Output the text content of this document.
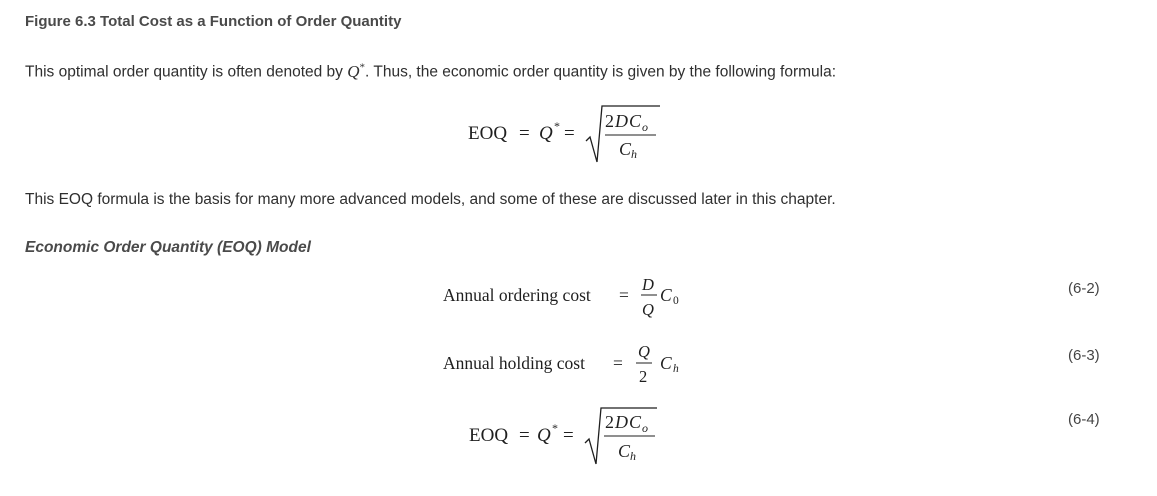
Figure 6.3 Total Cost as a Function of Order Quantity
This optimal order quantity is often denoted by Q*. Thus, the economic order quantity is given by the following formula:
EOQ = Q * =
2 D C o
C h
This EOQ formula is the basis for many more advanced models, and some of these are discussed later in this chapter.
Economic Order Quantity (EOQ) Model
Annual ordering cost =
D
Q
C 0
(6-2)
Annual holding cost =
Q
2
C h
(6-3)
EOQ = Q * =
2 D C o
C h
(6-4)
